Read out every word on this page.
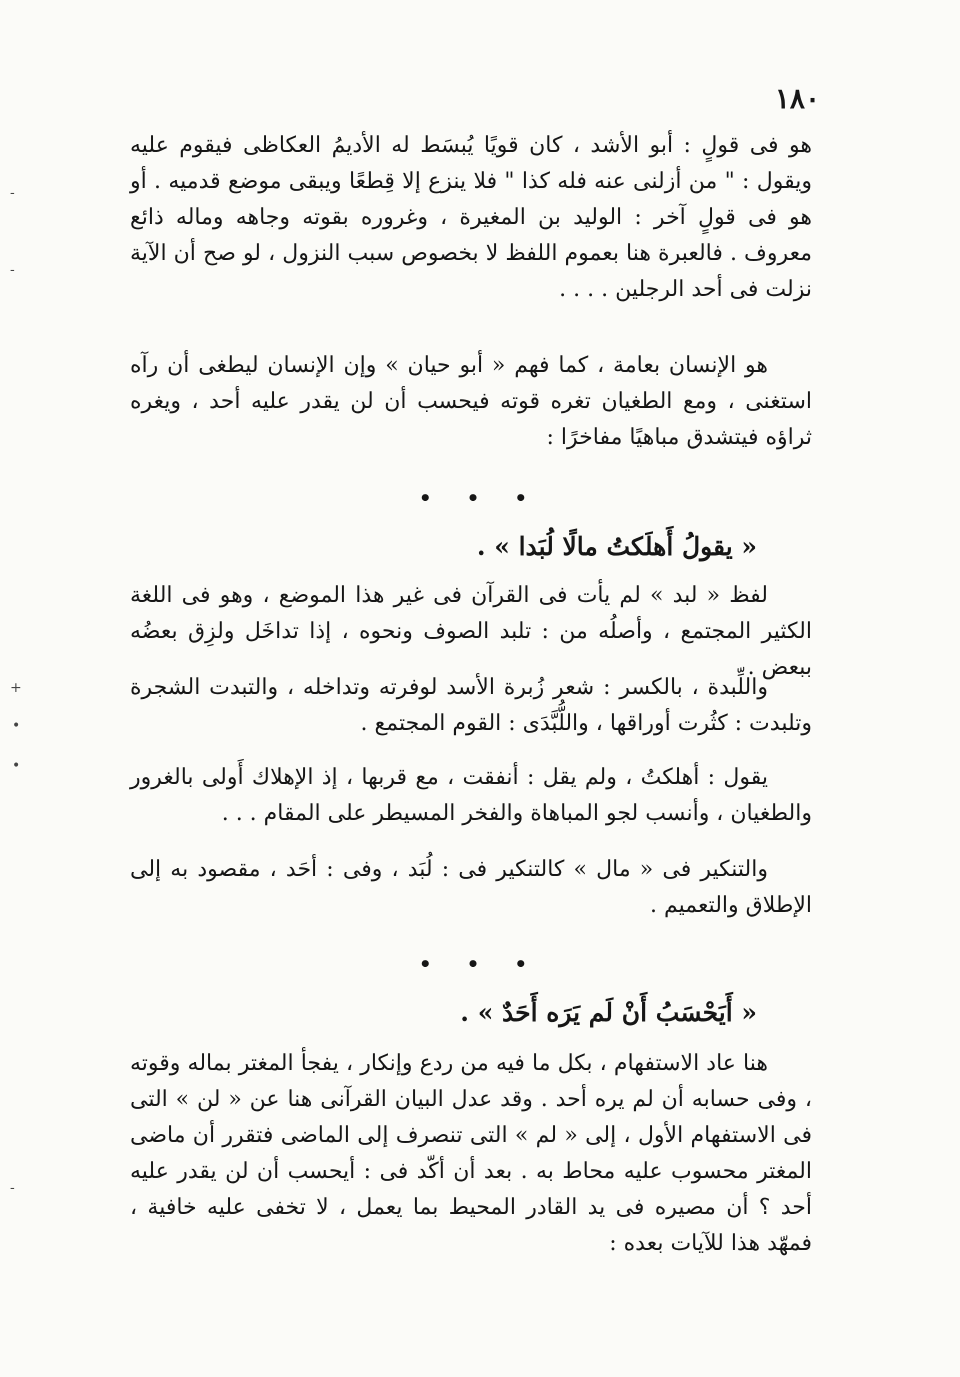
١٨٠

هو فى قولٍ : أبو الأشد ، كان قويًا يُبسَط له الأديمُ العكاظى فيقوم عليه ويقول : " من أزلنى عنه فله كذا " فلا ينزع إلا قِطعًا ويبقى موضع قدميه . أو هو فى قولٍ آخر : الوليد بن المغيرة ، وغروره بقوته وجاهه وماله ذائع معروف . فالعبرة هنا بعموم اللفظ لا بخصوص سبب النزول ، لو صح أن الآية نزلت فى أحد الرجلين . . . .

هو الإنسان بعامة ، كما فهم « أبو حيان » وإن الإنسان ليطغى أن رآه استغنى ، ومع الطغيان تغره قوته فيحسب أن لن يقدر عليه أحد ، ويغره ثراؤه فيتشدق مباهيًا مفاخرًا :

• • •

« يقولُ أَهلَكتُ مالًا لُبَدا » .

لفظ « لبد » لم يأت فى القرآن فى غير هذا الموضع ، وهو فى اللغة الكثير المجتمع ، وأصلُه من : تلبد الصوف ونحوه ، إذا تداخَل ولزِق بعضُه ببعض .

واللِّبدة ، بالكسر : شعر زُبرة الأسد لوفرته وتداخله ، والتبدت الشجرة وتلبدت : كثُرت أوراقها ، واللُّبَّدَى : القوم المجتمع .

يقول : أهلكتُ ، ولم يقل : أنفقت ، مع قربها ، إذ الإهلاك أَولى بالغرور والطغيان ، وأنسب لجو المباهاة والفخر المسيطر على المقام . . .

والتنكير فى « مال » كالتنكير فى : لُبَد ، وفى : أحَد ، مقصود به إلى الإطلاق والتعميم .

• • •

« أَيَحْسَبُ أَنْ لَم يَرَه أَحَدٌ » .

هنا عاد الاستفهام ، بكل ما فيه من ردع وإنكار ، يفجأ المغتر بماله وقوته ، وفى حسابه أن لم يره أحد . وقد عدل البيان القرآنى هنا عن « لن » التى فى الاستفهام الأول ، إلى « لم » التى تنصرف إلى الماضى فتقرر أن ماضى المغتر محسوب عليه محاط به . بعد أن أكّد فى : أيحسب أن لن يقدر عليه أحد ؟ أن مصيره فى يد القادر المحيط بما يعمل ، لا تخفى عليه خافية ، فمهّد هذا للآيات بعده :

-
-
+
•
•
-
